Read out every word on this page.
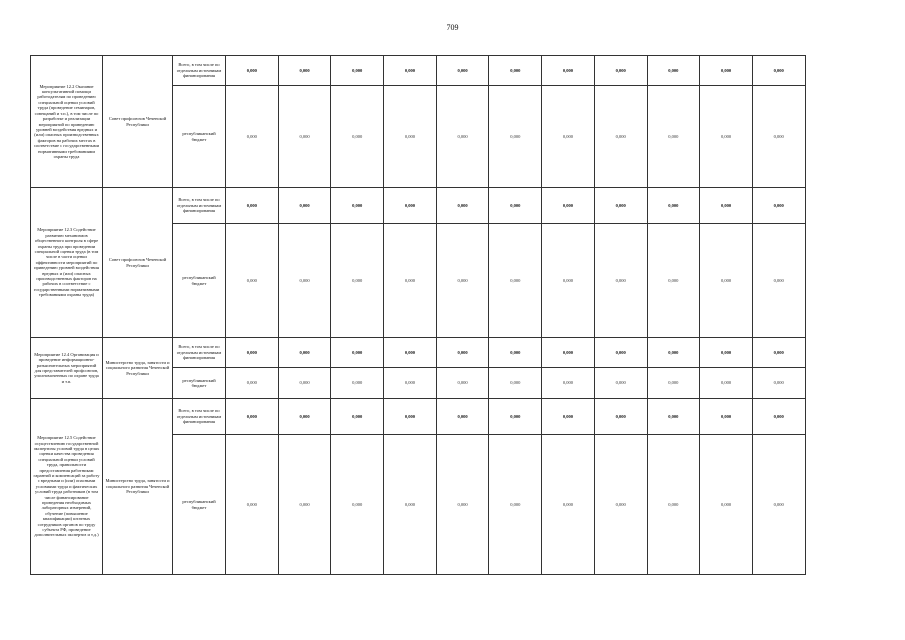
709
Мероприятие 12.2 Оказание консультативной помощи работодателям по проведению специальной оценки условий труда (проведение семинаров, совещаний и т.п.), в том числе по разработке и реализации мероприятий по приведению уровней воздействия вредных и (или) опасных производственных факторов на рабочих местах в соответствие с государственными нормативными требованиями охраны труда	Совет профсоюзов Чеченской Республики	Всего, в том числе по отдельным источникам финансирования	0,000	0,000	0,000	0,000	0,000	0,000	0,000	0,000	0,000	0,000	0,000
		республиканский бюджет	0,000	0,000	0,000	0,000	0,000	0,000	0,000	0,000	0,000	0,000	0,000
Мероприятие 12.3 Содействие развитию механизмов общественного контроля в сфере охраны труда при проведении специальной оценки труда (в том числе в части оценки эффективности мероприятий по приведению уровней воздействия вредных и (или) опасных производственных факторов на рабочих в соответствие с государственными нормативными требованиями охраны труда)	Совет профсоюзов Чеченской Республики	Всего, в том числе по отдельным источникам финансирования	0,000	0,000	0,000	0,000	0,000	0,000	0,000	0,000	0,000	0,000	0,000
		республиканский бюджет	0,000	0,000	0,000	0,000	0,000	0,000	0,000	0,000	0,000	0,000	0,000
Мероприятие 12.4 Организация и проведение информационно-разъяснительных мероприятий для представителей профсоюзов, уполномоченных по охране труда и т.п.	Министерство труда, занятости и социального развития Чеченской Республики	Всего, в том числе по отдельным источникам финансирования	0,000	0,000	0,000	0,000	0,000	0,000	0,000	0,000	0,000	0,000	0,000
		республиканский бюджет	0,000	0,000	0,000	0,000	0,000	0,000	0,000	0,000	0,000	0,000	0,000
Мероприятие 12.5 Содействие осуществлению государственной экспертизы условий труда в целях оценки качества проведения специальной оценки условий труда, правильности предоставления работникам гарантий и компенсаций за работу с вредными и (или) опасными условиями труда и фактических условий труда работников (в том числе финансирование проведения необходимых лабораторных измерений, обучение (повышение квалификации) штатных сотрудников органов по труду субъекта РФ, проведение дополнительных экспертиз и т.д.)	Министерство труда, занятости и социального развития Чеченской Республики	Всего, в том числе по отдельным источникам финансирования	0,000	0,000	0,000	0,000	0,000	0,000	0,000	0,000	0,000	0,000	0,000
		республиканский бюджет	0,000	0,000	0,000	0,000	0,000	0,000	0,000	0,000	0,000	0,000	0,000
